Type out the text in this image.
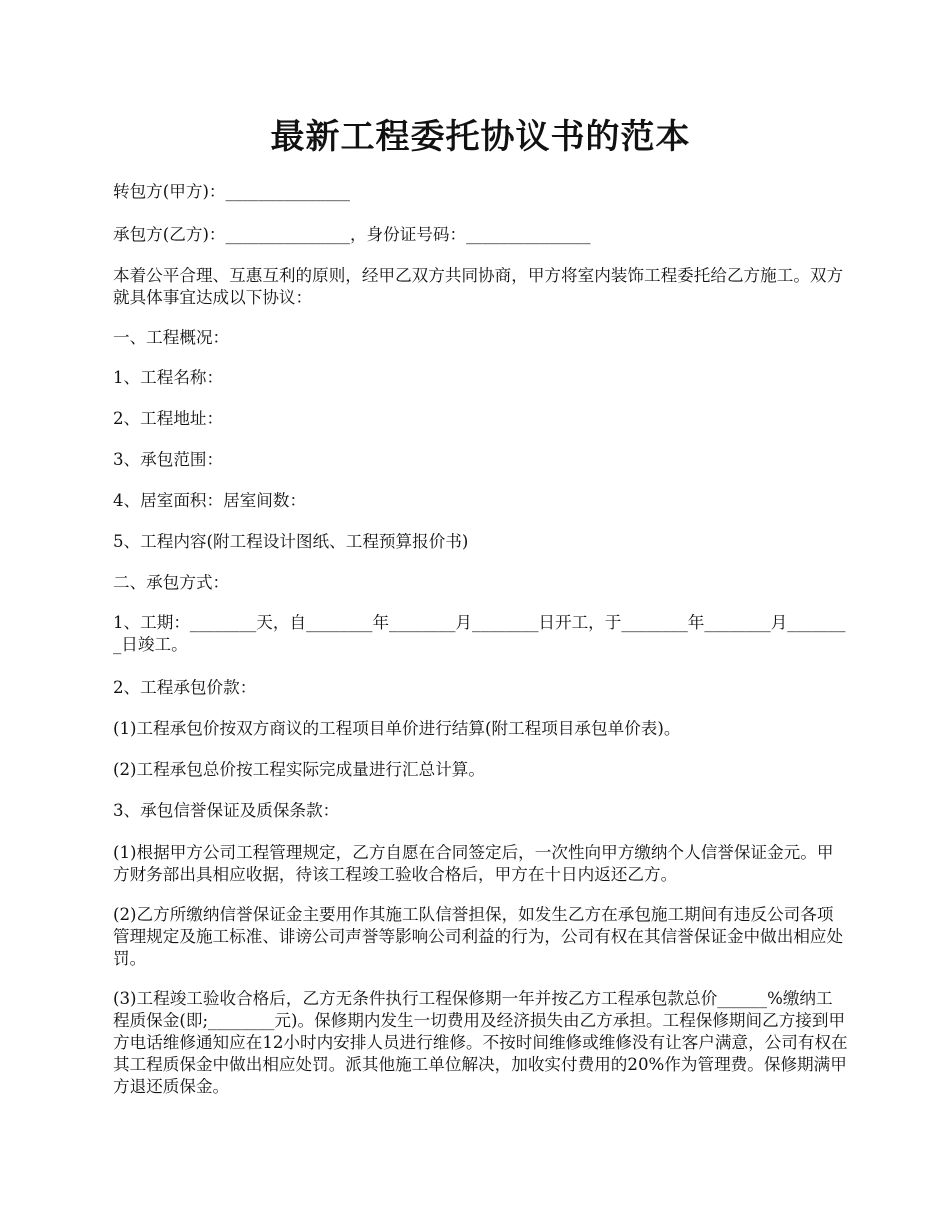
最新工程委托协议书的范本

转包方(甲方)：_______________

承包方(乙方)：_______________，身份证号码：_______________

本着公平合理、互惠互利的原则，经甲乙双方共同协商，甲方将室内装饰工程委托给乙方施工。双方就具体事宜达成以下协议：

一、工程概况：

1、工程名称：

2、工程地址：

3、承包范围：

4、居室面积：居室间数：

5、工程内容(附工程设计图纸、工程预算报价书)

二、承包方式：

1、工期：________天，自________年________月________日开工，于________年________月________日竣工。

2、工程承包价款：

(1)工程承包价按双方商议的工程项目单价进行结算(附工程项目承包单价表)。

(2)工程承包总价按工程实际完成量进行汇总计算。

3、承包信誉保证及质保条款：

(1)根据甲方公司工程管理规定，乙方自愿在合同签定后，一次性向甲方缴纳个人信誉保证金元。甲方财务部出具相应收据，待该工程竣工验收合格后，甲方在十日内返还乙方。

(2)乙方所缴纳信誉保证金主要用作其施工队信誉担保，如发生乙方在承包施工期间有违反公司各项管理规定及施工标准、诽谤公司声誉等影响公司利益的行为，公司有权在其信誉保证金中做出相应处罚。

(3)工程竣工验收合格后，乙方无条件执行工程保修期一年并按乙方工程承包款总价______%缴纳工程质保金(即;________元)。保修期内发生一切费用及经济损失由乙方承担。工程保修期间乙方接到甲方电话维修通知应在12小时内安排人员进行维修。不按时间维修或维修没有让客户满意，公司有权在其工程质保金中做出相应处罚。派其他施工单位解决，加收实付费用的20%作为管理费。保修期满甲方退还质保金。
